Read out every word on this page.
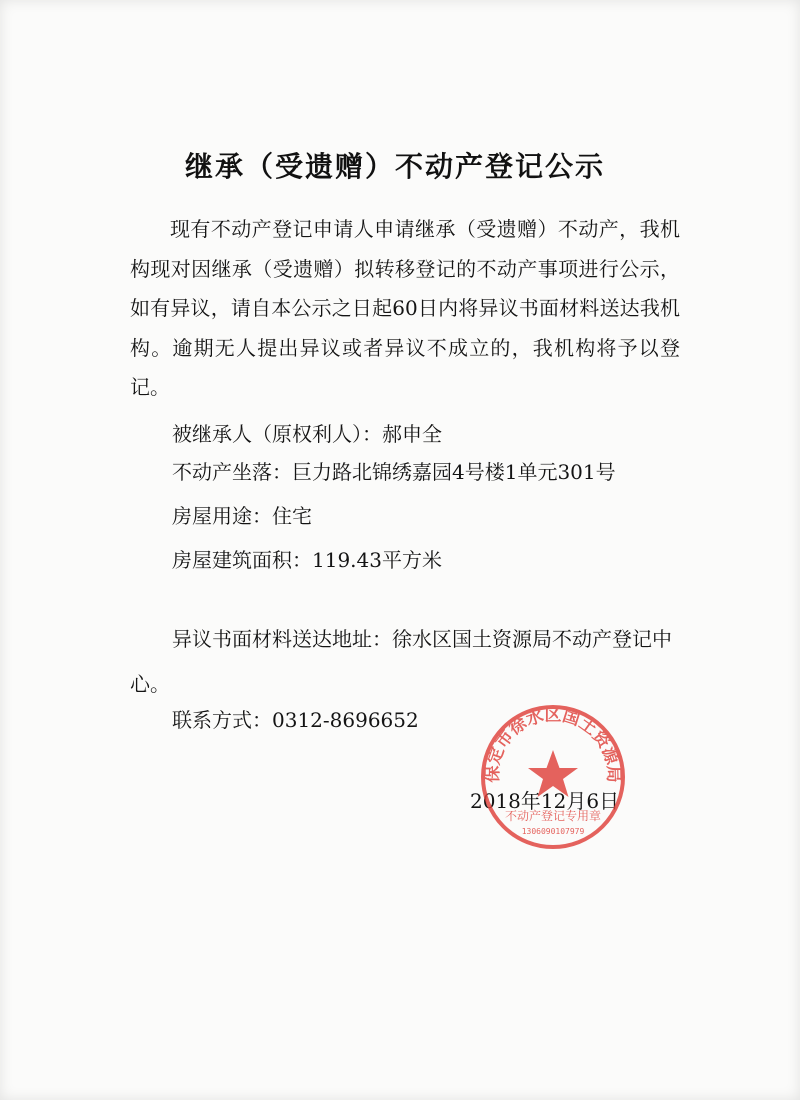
继承（受遗赠）不动产登记公示

现有不动产登记申请人申请继承（受遗赠）不动产，我机构现对因继承（受遗赠）拟转移登记的不动产事项进行公示，如有异议，请自本公示之日起60日内将异议书面材料送达我机构。逾期无人提出异议或者异议不成立的，我机构将予以登记。

被继承人（原权利人）：郝申全

不动产坐落：巨力路北锦绣嘉园4号楼1单元301号

房屋用途：住宅

房屋建筑面积：119.43平方米

异议书面材料送达地址：徐水区国土资源局不动产登记中心。

联系方式：0312-8696652

2018年12月6日

保定市徐水区国土资源局
不动产登记专用章
1306090107979
